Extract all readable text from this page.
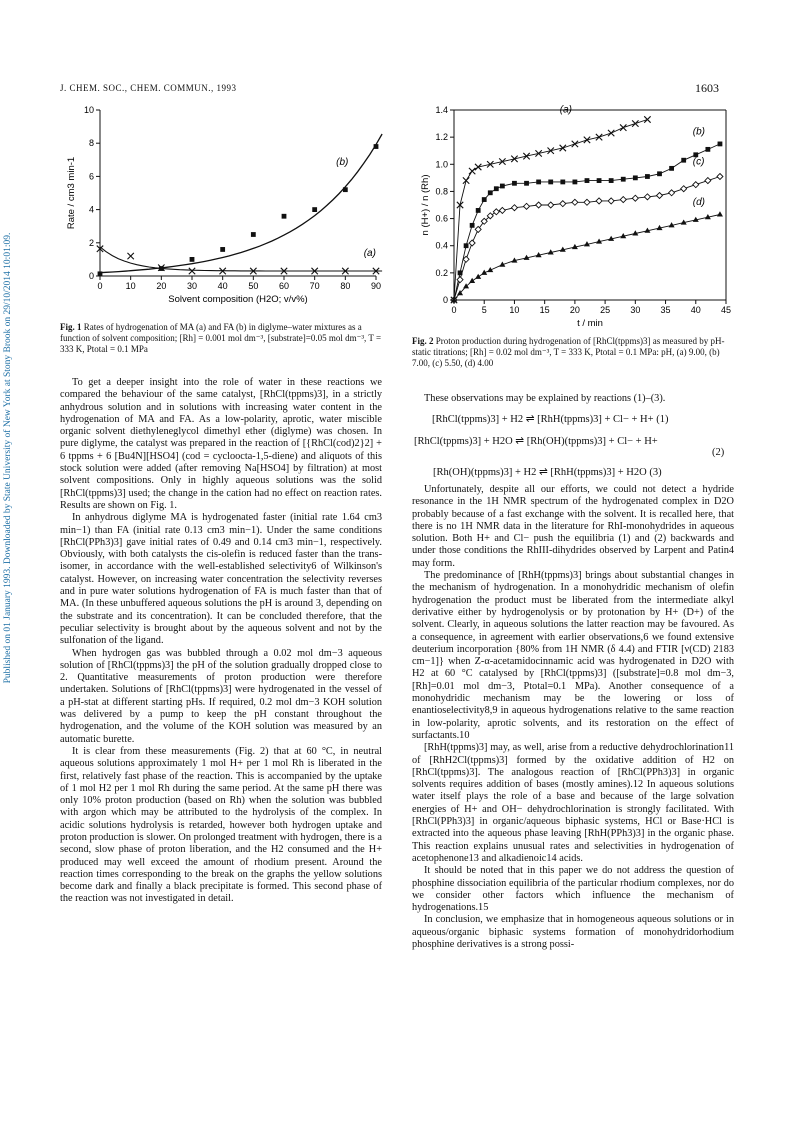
Published on 01 January 1993. Downloaded by State University of New York at Stony Brook on 29/10/2014 10:01:09.
J. CHEM. SOC., CHEM. COMMUN., 1993	1603
0	10 20 30 40 50 60 70 80 90
0
2
4
6
8
10
Solvent composition (H2O; v/v%)
Rate / cm3 min-1
(a)
(b)
Fig. 1 Rates of hydrogenation of MA (a) and FA (b) in diglyme–water mixtures as a function of solvent composition; [Rh] = 0.001 mol dm⁻³, [substrate]=0.05 mol dm⁻³, T = 333 K, Ptotal = 0.1 MPa
0	5	10 15 20 25 30 35 40 45
0
0.2
0.4
0.6
0.8
1.0
1.2
1.4
t / min
n (H+) / n (Rh)
(a)
(b)
(c)
(d)
Fig. 2 Proton production during hydrogenation of [RhCl(tppms)3] as measured by pH-static titrations; [Rh] = 0.02 mol dm⁻³, T = 333 K, Ptotal = 0.1 MPa: pH, (a) 9.00, (b) 7.00, (c) 5.50, (d) 4.00

To get a deeper insight into the role of water in these reactions we compared the behaviour of the same catalyst, [RhCl(tppms)3], in a strictly anhydrous solution and in solutions with increasing water content in the hydrogenation of MA and FA. As a low-polarity, aprotic, water miscible organic solvent diethyleneglycol dimethyl ether (diglyme) was chosen. In pure diglyme, the catalyst was prepared in the reaction of [{RhCl(cod)2}2] + 6 tppms + 6 [Bu4N][HSO4] (cod = cycloocta-1,5-diene) and aliquots of this stock solution were added (after removing Na[HSO4] by filtration) at most solvent compositions. Only in highly aqueous solutions was the solid [RhCl(tppms)3] used; the change in the cation had no effect on reaction rates. Results are shown on Fig. 1.

In anhydrous diglyme MA is hydrogenated faster (initial rate 1.64 cm3 min−1) than FA (initial rate 0.13 cm3 min−1). Under the same conditions [RhCl(PPh3)3] gave initial rates of 0.49 and 0.14 cm3 min−1, respectively. Obviously, with both catalysts the cis-olefin is reduced faster than the trans-isomer, in accordance with the well-established selectivity6 of Wilkinson's catalyst. However, on increasing water concentration the selectivity reverses and in pure water solutions hydrogenation of FA is much faster than that of MA. (In these unbuffered aqueous solutions the pH is around 3, depending on the substrate and its concentration). It can be concluded therefore, that the peculiar selectivity is brought about by the aqueous solvent and not by the sulfonation of the ligand.

When hydrogen gas was bubbled through a 0.02 mol dm−3 aqueous solution of [RhCl(tppms)3] the pH of the solution gradually dropped close to 2. Quantitative measurements of proton production were therefore undertaken. Solutions of [RhCl(tppms)3] were hydrogenated in the vessel of a pH-stat at different starting pHs. If required, 0.2 mol dm−3 KOH solution was delivered by a pump to keep the pH constant throughout the hydrogenation, and the volume of the KOH solution was measured by an automatic burette.

It is clear from these measurements (Fig. 2) that at 60 °C, in neutral aqueous solutions approximately 1 mol H+ per 1 mol Rh is liberated in the first, relatively fast phase of the reaction. This is accompanied by the uptake of 1 mol H2 per 1 mol Rh during the same period. At the same pH there was only 10% proton production (based on Rh) when the solution was bubbled with argon which may be attributed to the hydrolysis of the complex. In acidic solutions hydrolysis is retarded, however both hydrogen uptake and proton production is slower. On prolonged treatment with hydrogen, there is a second, slow phase of proton liberation, and the H2 consumed and the H+ produced may well exceed the amount of rhodium present. Around the reaction times corresponding to the break on the graphs the yellow solutions become dark and finally a black precipitate is formed. This second phase of the reaction was not investigated in detail.

These observations may be explained by reactions (1)–(3).

[RhCl(tppms)3] + H2 ⇌ [RhH(tppms)3] + Cl− + H+ (1)
[RhCl(tppms)3] + H2O ⇌ [Rh(OH)(tppms)3] + Cl− + H+
(2)
[Rh(OH)(tppms)3] + H2 ⇌ [RhH(tppms)3] + H2O (3)

Unfortunately, despite all our efforts, we could not detect a hydride resonance in the 1H NMR spectrum of the hydrogenated complex in D2O probably because of a fast exchange with the solvent. It is recalled here, that there is no 1H NMR data in the literature for RhI-monohydrides in aqueous solution. Both H+ and Cl− push the equilibria (1) and (2) backwards and under those conditions the RhIII-dihydrides observed by Larpent and Patin4 may form.

The predominance of [RhH(tppms)3] brings about substantial changes in the mechanism of hydrogenation. In a monohydridic mechanism of olefin hydrogenation the product must be liberated from the intermediate alkyl derivative either by hydrogenolysis or by protonation by H+ (D+) of the solvent. Clearly, in aqueous solutions the latter reaction may be favoured. As a consequence, in agreement with earlier observations,6 we found extensive deuterium incorporation {80% from 1H NMR (δ 4.4) and FTIR [ν(CD) 2183 cm−1]} when Z-α-acetamidocinnamic acid was hydrogenated in D2O with H2 at 60 °C catalysed by [RhCl(tppms)3] ([substrate]=0.8 mol dm−3, [Rh]=0.01 mol dm−3, Ptotal=0.1 MPa). Another consequence of a monohydridic mechanism may be the lowering or loss of enantioselectivity8,9 in aqueous hydrogenations relative to the same reaction in low-polarity, aprotic solvents, and its restoration on the effect of surfactants.10

[RhH(tppms)3] may, as well, arise from a reductive dehydrochlorination11 of [RhH2Cl(tppms)3] formed by the oxidative addition of H2 on [RhCl(tppms)3]. The analogous reaction of [RhCl(PPh3)3] in organic solvents requires addition of bases (mostly amines).12 In aqueous solutions water itself plays the role of a base and because of the large solvation energies of H+ and OH− dehydrochlorination is strongly facilitated. With [RhCl(PPh3)3] in organic/aqueous biphasic systems, HCl or Base·HCl is extracted into the aqueous phase leaving [RhH(PPh3)3] in the organic phase. This reaction explains unusual rates and selectivities in hydrogenation of acetophenone13 and alkadienoic14 acids.

It should be noted that in this paper we do not address the question of phosphine dissociation equilibria of the particular rhodium complexes, nor do we consider other factors which influence the mechanism of hydrogenations.15

In conclusion, we emphasize that in homogeneous aqueous solutions or in aqueous/organic biphasic systems formation of monohydridorhodium phosphine derivatives is a strong possi-
